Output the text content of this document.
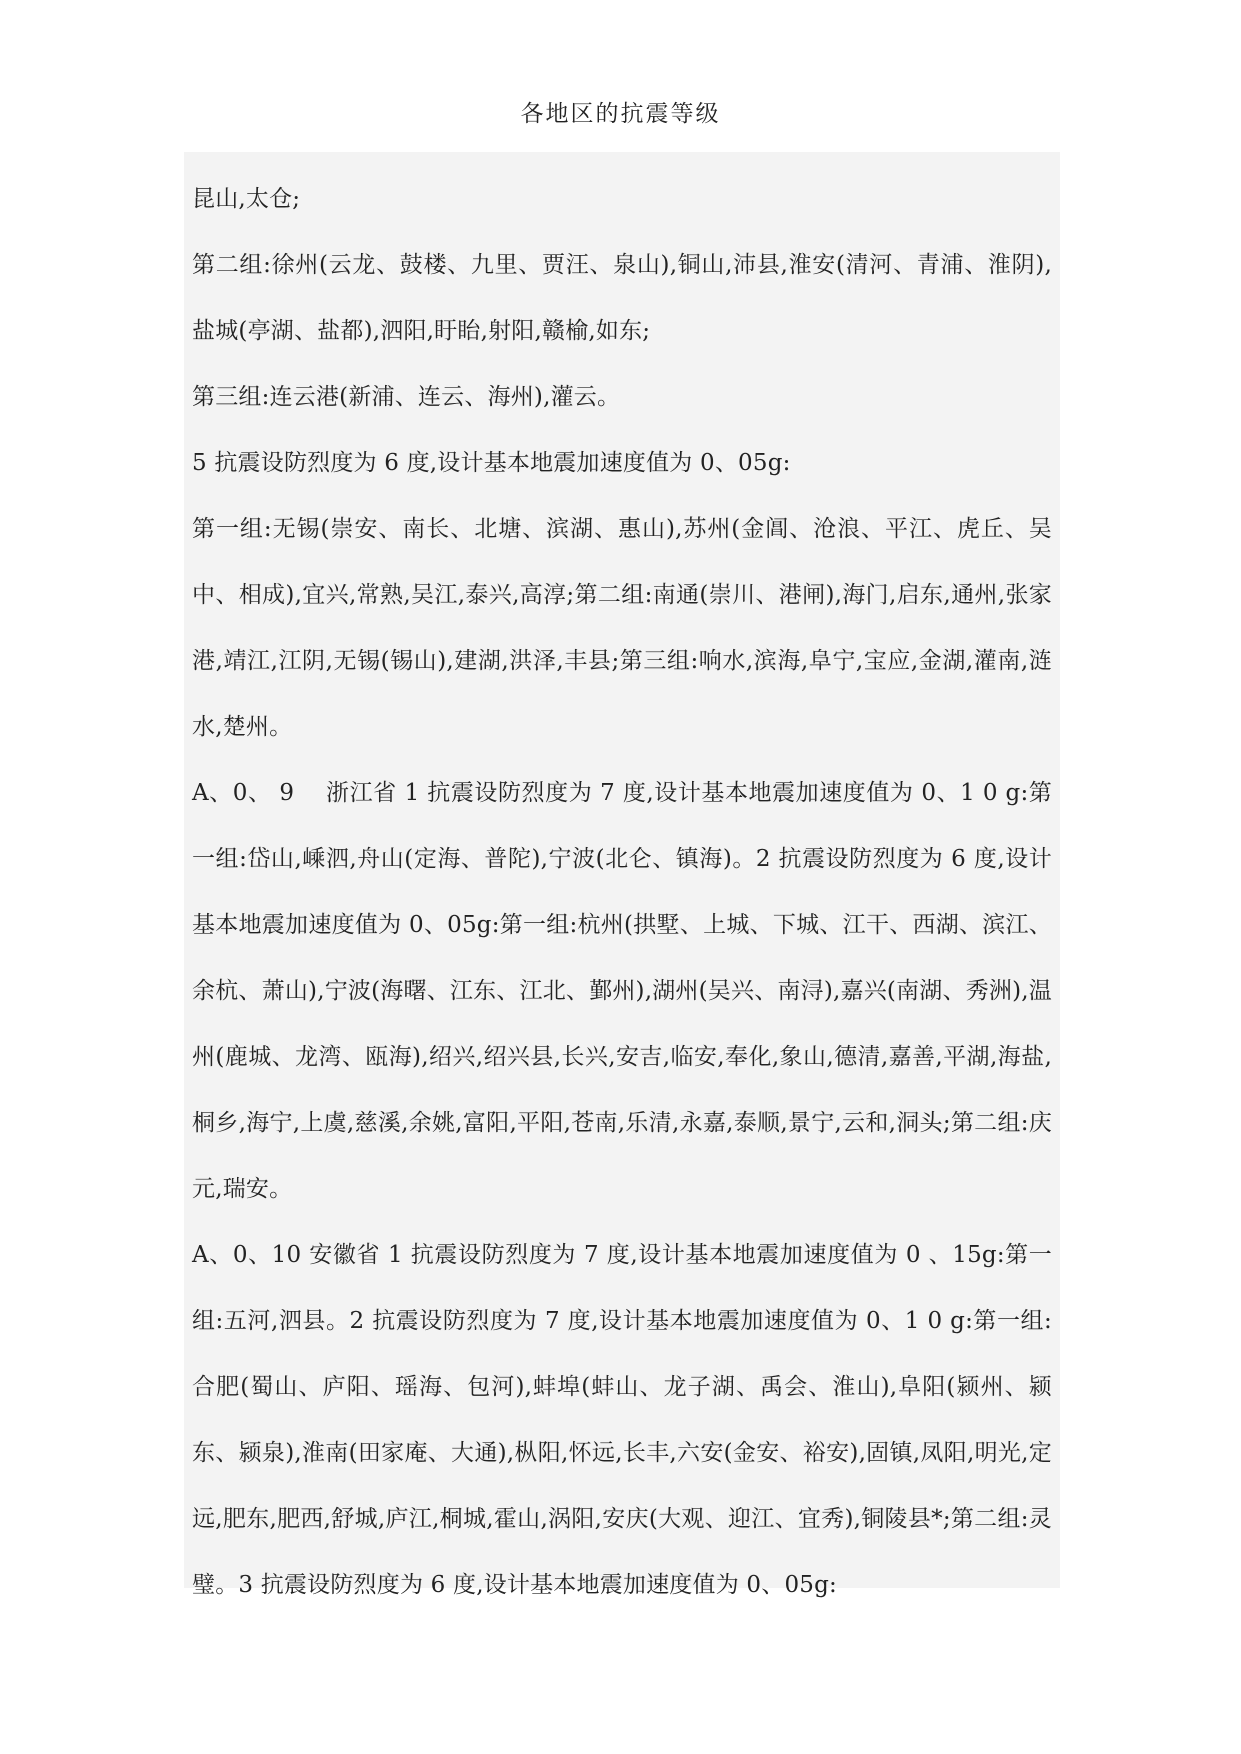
各地区的抗震等级

昆山,太仓;

第二组:徐州(云龙、鼓楼、九里、贾汪、泉山),铜山,沛县,淮安(清河、青浦、淮阴),盐城(亭湖、盐都),泗阳,盱眙,射阳,赣榆,如东;

第三组:连云港(新浦、连云、海州),灌云。

5 抗震设防烈度为 6 度,设计基本地震加速度值为 0、05g:

第一组:无锡(崇安、南长、北塘、滨湖、惠山),苏州(金阊、沧浪、平江、虎丘、吴中、相成),宜兴,常熟,吴江,泰兴,高淳;第二组:南通(崇川、港闸),海门,启东,通州,张家港,靖江,江阴,无锡(锡山),建湖,洪泽,丰县;第三组:响水,滨海,阜宁,宝应,金湖,灌南,涟水,楚州。

A、0、 9　 浙江省 1 抗震设防烈度为 7 度,设计基本地震加速度值为 0、1 0 g:第一组:岱山,嵊泗,舟山(定海、普陀),宁波(北仑、镇海)。2 抗震设防烈度为 6 度,设计基本地震加速度值为 0、05g:第一组:杭州(拱墅、上城、下城、江干、西湖、滨江、余杭、萧山),宁波(海曙、江东、江北、鄞州),湖州(吴兴、南浔),嘉兴(南湖、秀洲),温州(鹿城、龙湾、瓯海),绍兴,绍兴县,长兴,安吉,临安,奉化,象山,德清,嘉善,平湖,海盐,桐乡,海宁,上虞,慈溪,余姚,富阳,平阳,苍南,乐清,永嘉,泰顺,景宁,云和,洞头;第二组:庆元,瑞安。

A、0、10 安徽省 1 抗震设防烈度为 7 度,设计基本地震加速度值为 0 、15g:第一组:五河,泗县。2 抗震设防烈度为 7 度,设计基本地震加速度值为 0、1 0 g:第一组:合肥(蜀山、庐阳、瑶海、包河),蚌埠(蚌山、龙子湖、禹会、淮山),阜阳(颍州、颍东、颍泉),淮南(田家庵、大通),枞阳,怀远,长丰,六安(金安、裕安),固镇,凤阳,明光,定远,肥东,肥西,舒城,庐江,桐城,霍山,涡阳,安庆(大观、迎江、宜秀),铜陵县*;第二组:灵璧。3 抗震设防烈度为 6 度,设计基本地震加速度值为 0、05g:
